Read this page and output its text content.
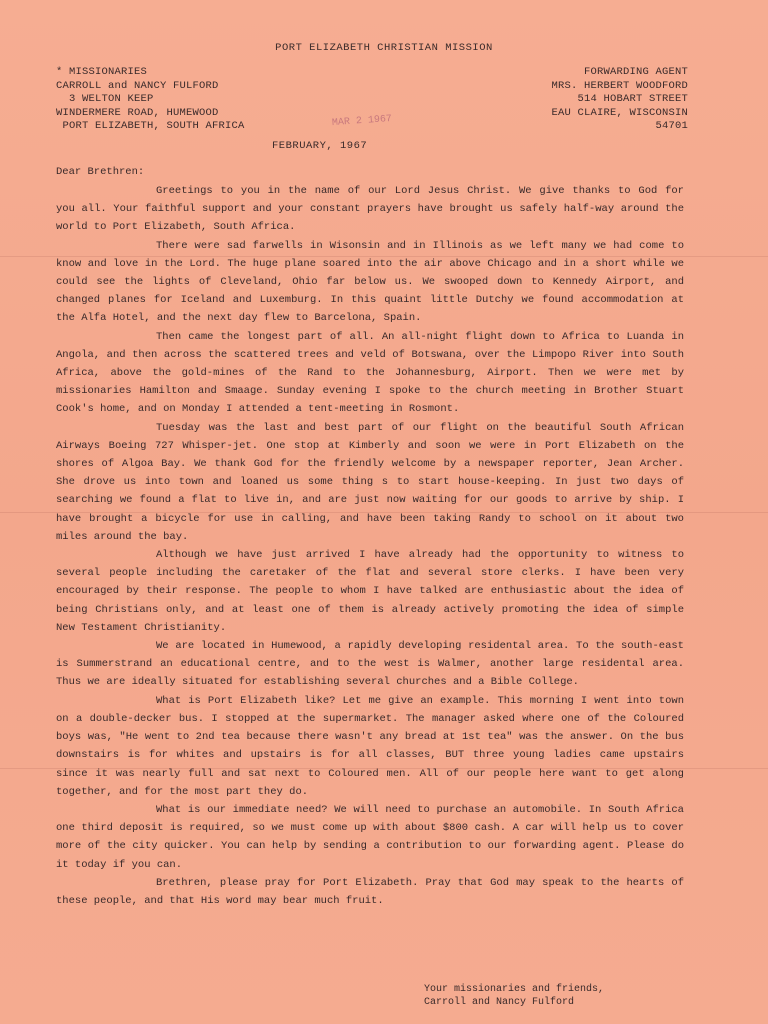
PORT ELIZABETH CHRISTIAN MISSION
* MISSIONARIES
CARROLL and NANCY FULFORD
3 WELTON KEEP
WINDERMERE ROAD, HUMEWOOD
PORT ELIZABETH, SOUTH AFRICA
FORWARDING AGENT
MRS. HERBERT WOODFORD
514 HOBART STREET
EAU CLAIRE, WISCONSIN
54701
MAR 2 1967
FEBRUARY, 1967
Dear Brethren:

Greetings to you in the name of our Lord Jesus Christ. We give thanks to God for you all. Your faithful support and your constant prayers have brought us safely half-way around the world to Port Elizabeth, South Africa.

There were sad farwells in Wisonsin and in Illinois as we left many we had come to know and love in the Lord. The huge plane soared into the air above Chicago and in a short while we could see the lights of Cleveland, Ohio far below us. We swooped down to Kennedy Airport, and changed planes for Iceland and Luxemburg. In this quaint little Dutchy we found accommodation at the Alfa Hotel, and the next day flew to Barcelona, Spain.

Then came the longest part of all. An all-night flight down to Africa to Luanda in Angola, and then across the scattered trees and veld of Botswana, over the Limpopo River into South Africa, above the gold-mines of the Rand to the Johannesburg, Airport. Then we were met by missionaries Hamilton and Smaage. Sunday evening I spoke to the church meeting in Brother Stuart Cook's home, and on Monday I attended a tent-meeting in Rosmont.

Tuesday was the last and best part of our flight on the beautiful South African Airways Boeing 727 Whisper-jet. One stop at Kimberly and soon we were in Port Elizabeth on the shores of Algoa Bay. We thank God for the friendly welcome by a newspaper reporter, Jean Archer. She drove us into town and loaned us some thing s to start house-keeping. In just two days of searching we found a flat to live in, and are just now waiting for our goods to arrive by ship. I have brought a bicycle for use in calling, and have been taking Randy to school on it about two miles around the bay.

Although we have just arrived I have already had the opportunity to witness to several people including the caretaker of the flat and several store clerks. I have been very encouraged by their response. The people to whom I have talked are enthusiastic about the idea of being Christians only, and at least one of them is already actively promoting the idea of simple New Testament Christianity.

We are located in Humewood, a rapidly developing residental area. To the south-east is Summerstrand an educational centre, and to the west is Walmer, another large residental area. Thus we are ideally situated for establishing several churches and a Bible College.

What is Port Elizabeth like? Let me give an example. This morning I went into town on a double-decker bus. I stopped at the supermarket. The manager asked where one of the Coloured boys was, "He went to 2nd tea because there wasn't any bread at 1st tea" was the answer. On the bus downstairs is for whites and upstairs is for all classes, BUT three young ladies came upstairs since it was nearly full and sat next to Coloured men. All of our people here want to get along together, and for the most part they do.

What is our immediate need? We will need to purchase an automobile. In South Africa one third deposit is required, so we must come up with about $800 cash. A car will help us to cover more of the city quicker. You can help by sending a contribution to our forwarding agent. Please do it today if you can.

Brethren, please pray for Port Elizabeth. Pray that God may speak to the hearts of these people, and that His word may bear much fruit.

Your missionaries and friends,
Carroll and Nancy Fulford
